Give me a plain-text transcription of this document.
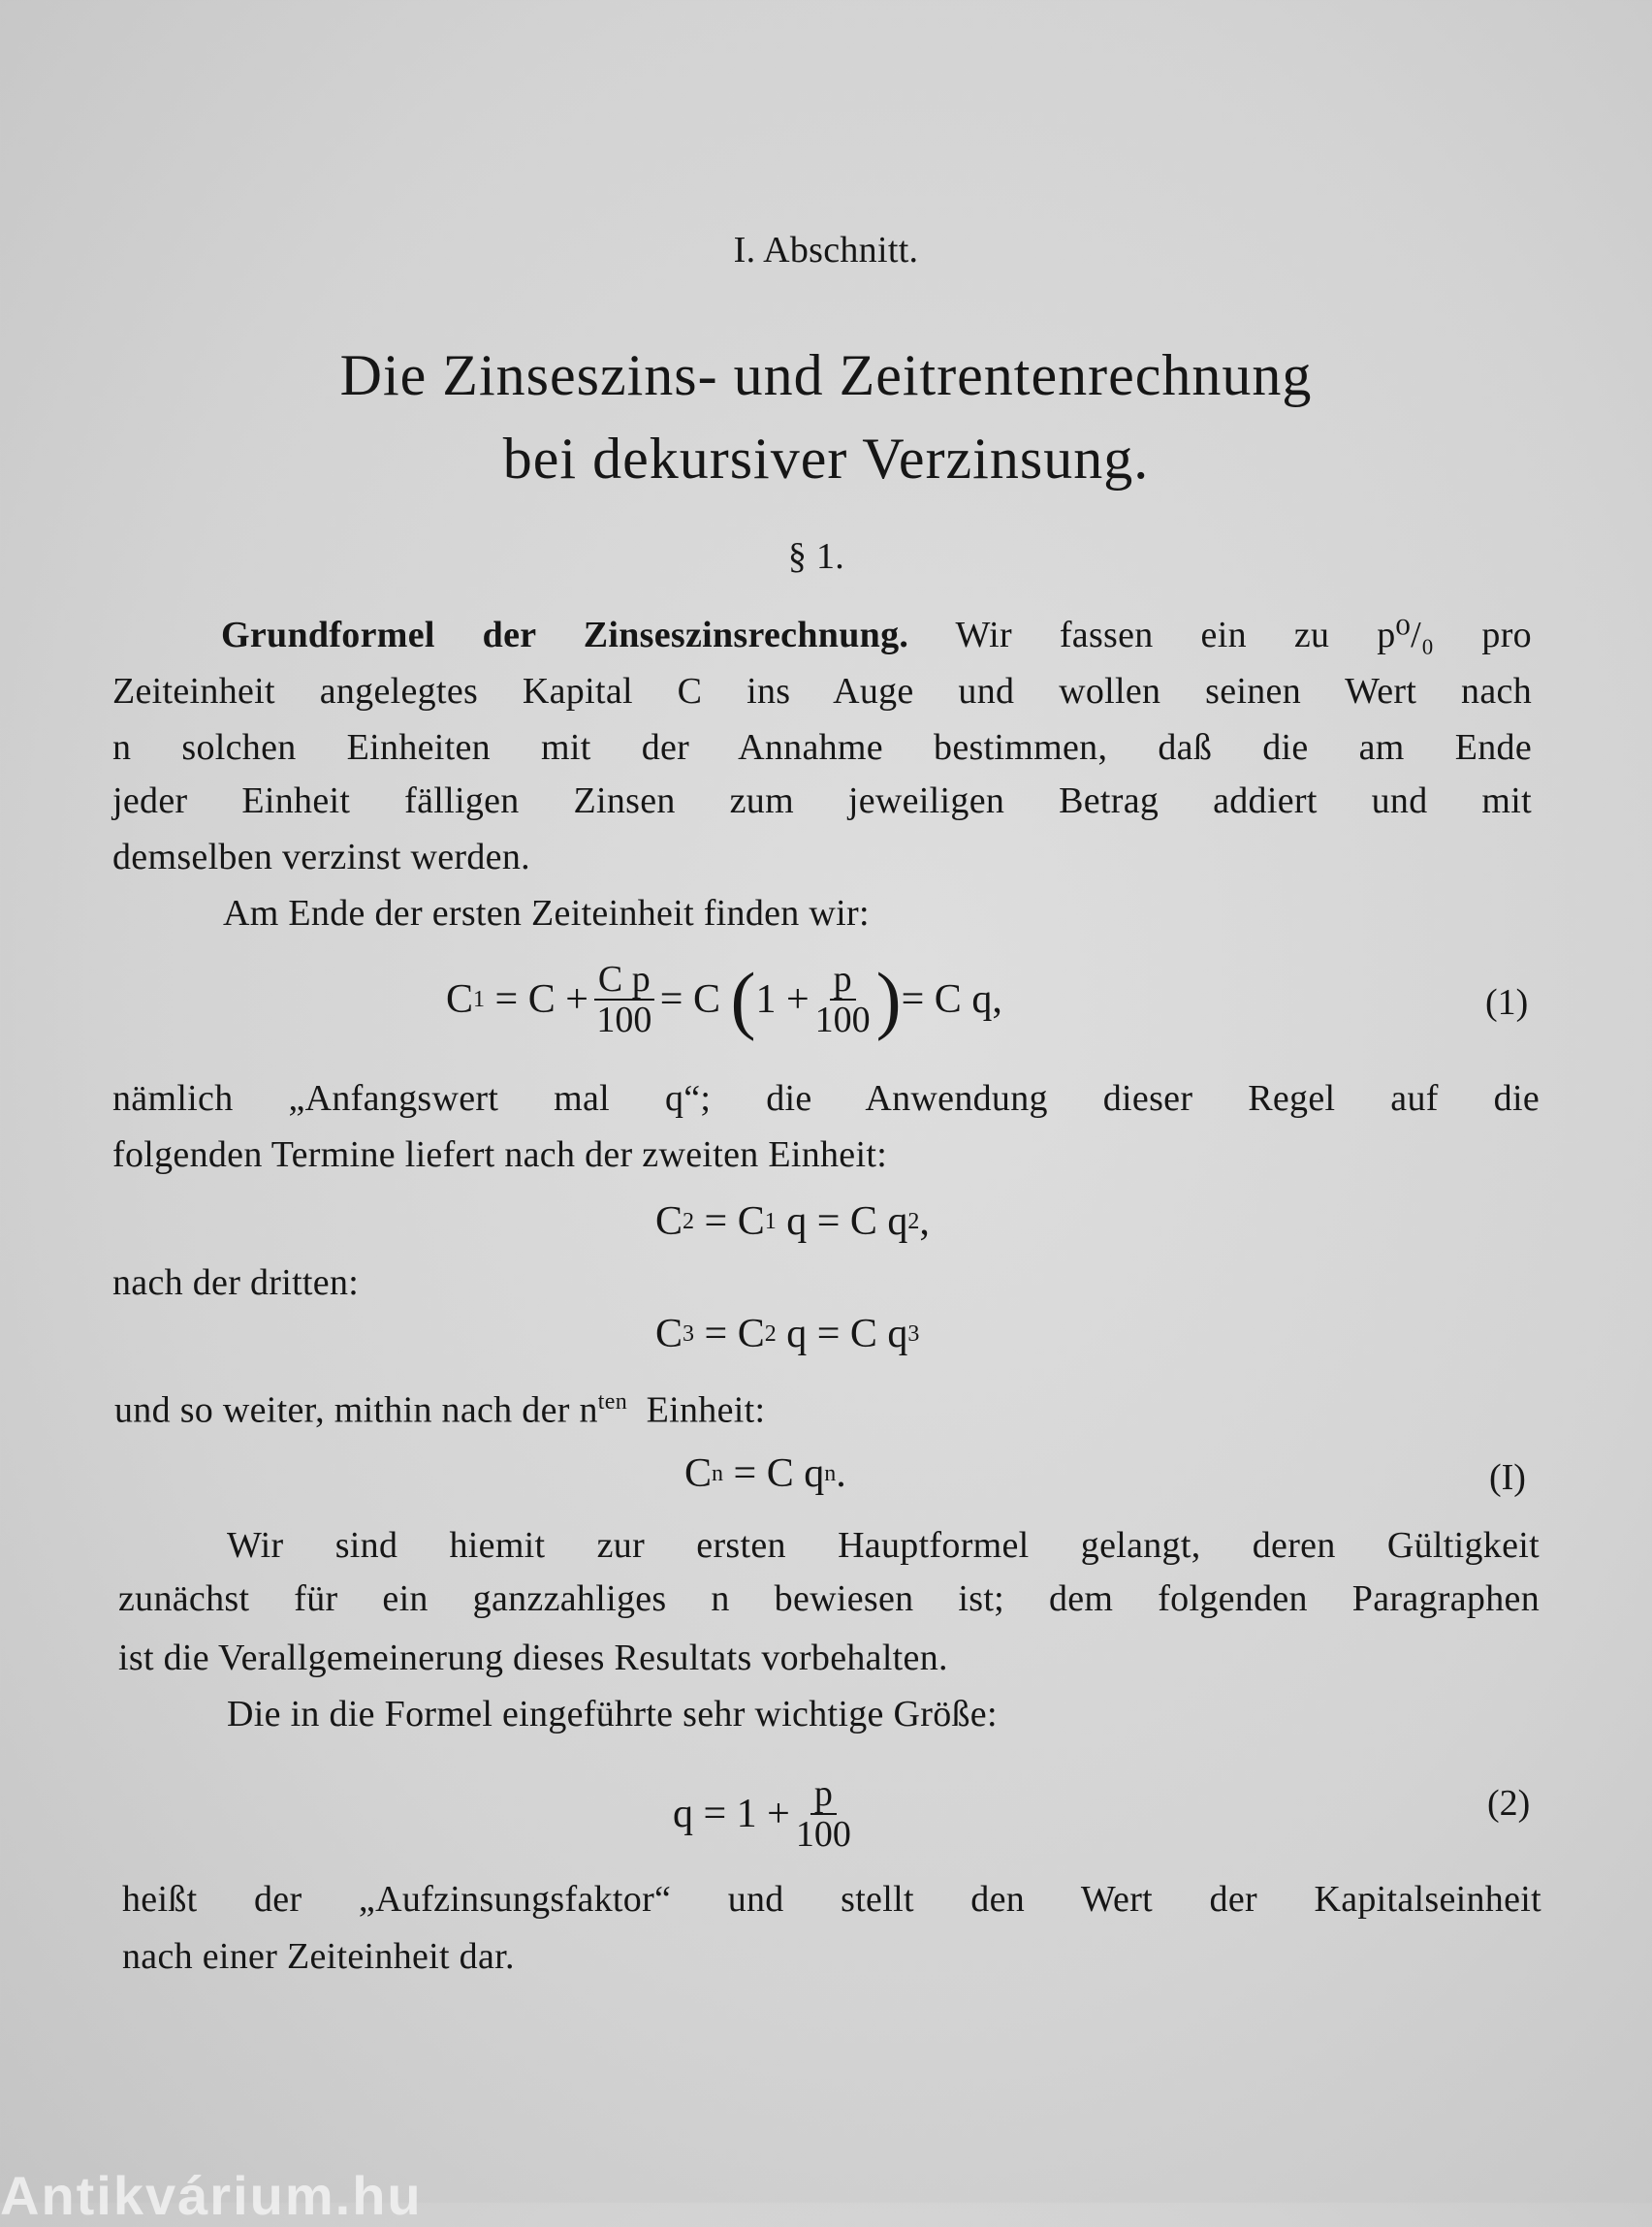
I. Abschnitt.
Die Zinseszins- und Zeitrentenrechnung
bei dekursiver Verzinsung.
§ 1.
Grundformel der Zinseszinsrechnung. Wir fassen ein zu p⁰/₀ pro
Zeiteinheit angelegtes Kapital C ins Auge und wollen seinen Wert nach
n solchen Einheiten mit der Annahme bestimmen, daß die am Ende
jeder Einheit fälligen Zinsen zum jeweiligen Betrag addiert und mit
demselben verzinst werden.
Am Ende der ersten Zeiteinheit finden wir:
C 1
= $C + \frac{\text{C p}}{100} = C$
( $1 + \frac{p}{100}$ ) = C q,	(1)
nämlich „Anfangswert mal q“; die Anwendung dieser Regel auf die
folgenden Termine liefert nach der zweiten Einheit:
C 2
= C 1
q = C q 2 ,
nach der dritten:
C 3
= C 2
q = C q 3
und so weiter, mithin nach der $n^{ten}$ Einheit:
C n
= C q n .	(I)
Wir sind hiemit zur ersten Hauptformel gelangt, deren Gültigkeit
zunächst für ein ganzzahliges n bewiesen ist; dem folgenden Paragraphen
ist die Verallgemeinerung dieses Resultats vorbehalten.
Die in die Formel eingeführte sehr wichtige Größe:
$q = 1 + \frac{p}{100}$	(2)
heißt der „Aufzinsungsfaktor“ und stellt den Wert der Kapitalseinheit
nach einer Zeiteinheit dar.
Antikvárium.hu
